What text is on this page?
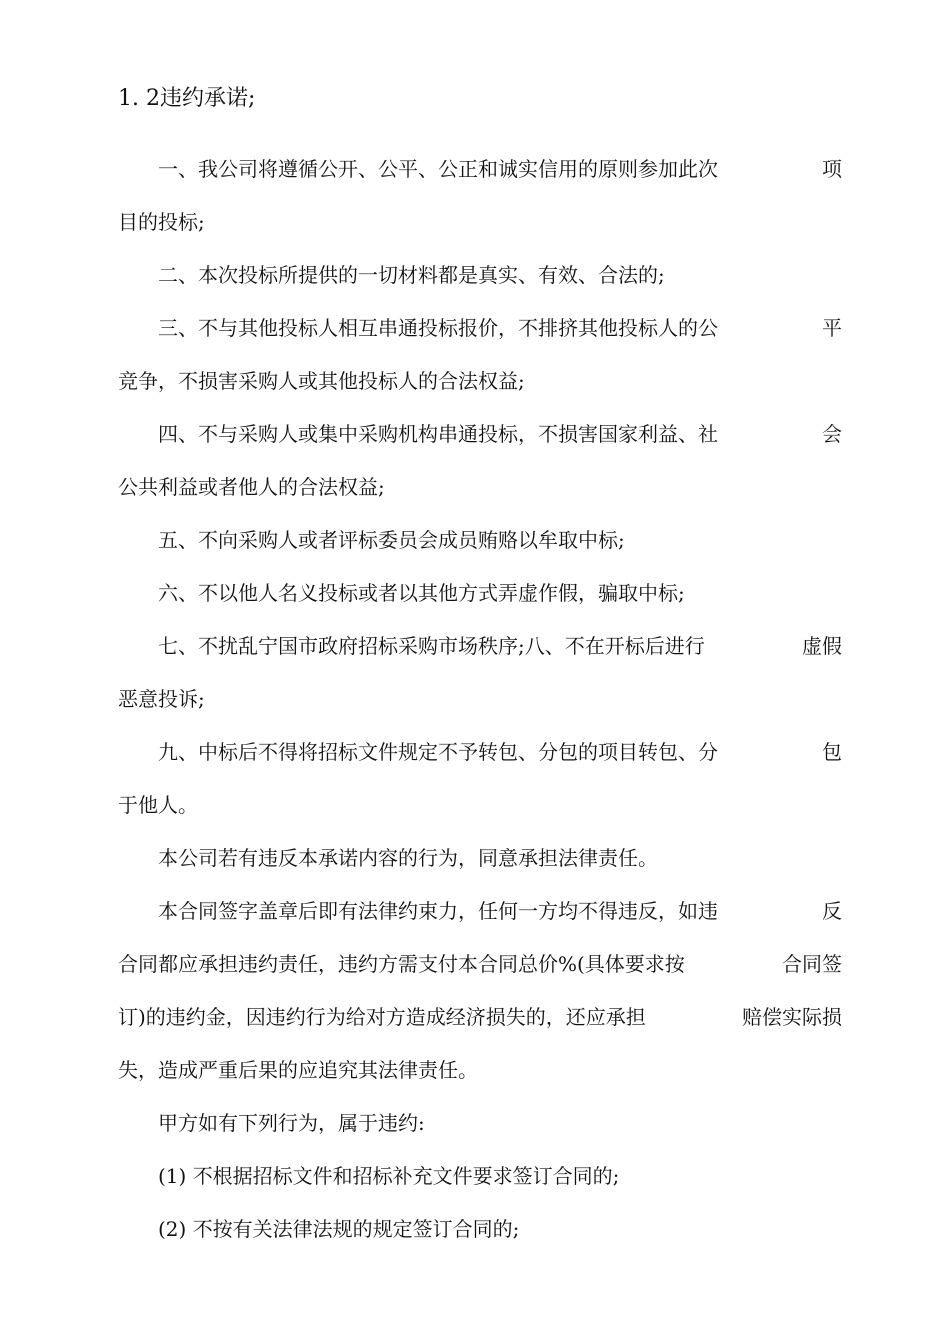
1. 2违约承诺;

一、我公司将遵循公开、公平、公正和诚实信用的原则参加此次	项
目的投标;

二、本次投标所提供的一切材料都是真实、有效、合法的;

三、不与其他投标人相互串通投标报价，不排挤其他投标人的公	平
竞争，不损害采购人或其他投标人的合法权益;

四、不与采购人或集中采购机构串通投标，不损害国家利益、社	会
公共利益或者他人的合法权益;

五、不向采购人或者评标委员会成员贿赂以牟取中标;

六、不以他人名义投标或者以其他方式弄虚作假，骗取中标;

七、不扰乱宁国市政府招标采购市场秩序;八、不在开标后进行	虚假
恶意投诉;

九、中标后不得将招标文件规定不予转包、分包的项目转包、分	包
于他人。

本公司若有违反本承诺内容的行为，同意承担法律责任。

本合同签字盖章后即有法律约束力，任何一方均不得违反，如违	反
合同都应承担违约责任，违约方需支付本合同总价%(具体要求按	合同签
订)的违约金，因违约行为给对方造成经济损失的，还应承担	赔偿实际损
失，造成严重后果的应追究其法律责任。

甲方如有下列行为，属于违约:

(1) 不根据招标文件和招标补充文件要求签订合同的;

(2) 不按有关法律法规的规定签订合同的;
